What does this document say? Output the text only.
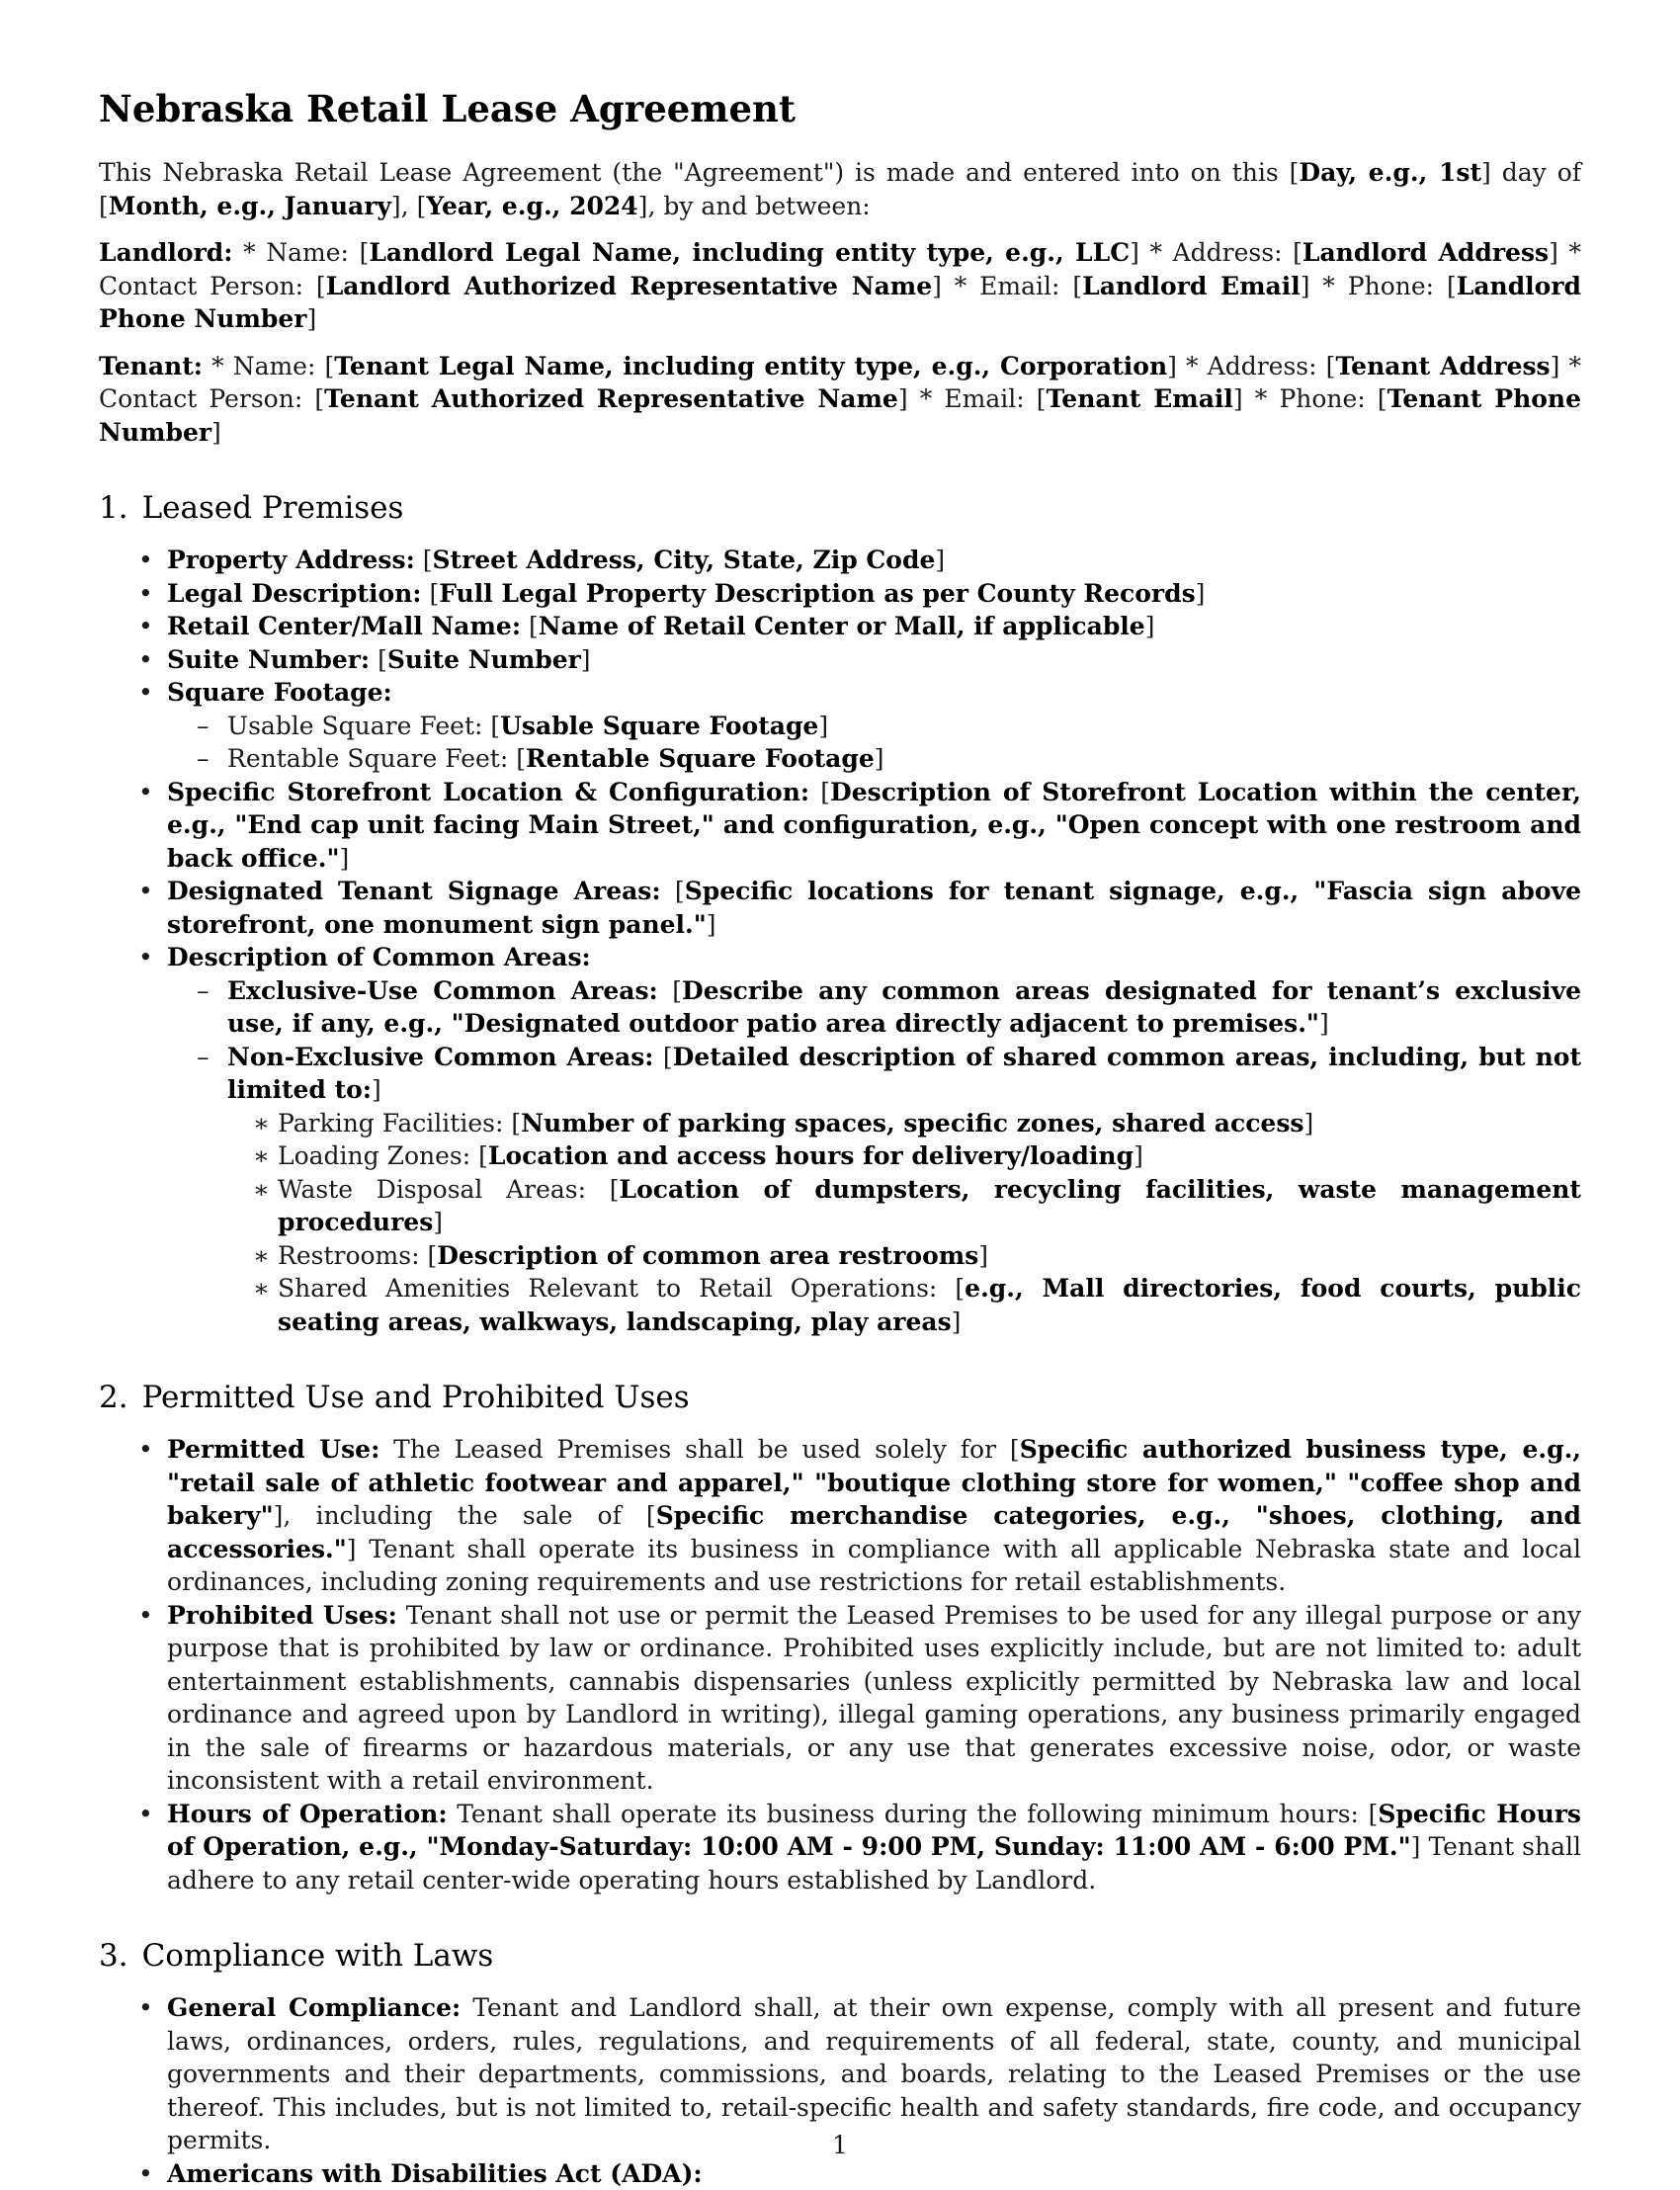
Nebraska Retail Lease Agreement

This Nebraska Retail Lease Agreement (the "Agreement") is made and entered into on this [Day, e.g., 1st] day of [Month, e.g., January], [Year, e.g., 2024], by and between:

Landlord: * Name: [Landlord Legal Name, including entity type, e.g., LLC] * Address: [Landlord Address] * Contact Person: [Landlord Authorized Representative Name] * Email: [Landlord Email] * Phone: [Landlord Phone Number]

Tenant: * Name: [Tenant Legal Name, including entity type, e.g., Corporation] * Address: [Tenant Address] * Contact Person: [Tenant Authorized Representative Name] * Email: [Tenant Email] * Phone: [Tenant Phone Number]

1. Leased Premises
• Property Address: [Street Address, City, State, Zip Code]
• Legal Description: [Full Legal Property Description as per County Records]
• Retail Center/Mall Name: [Name of Retail Center or Mall, if applicable]
• Suite Number: [Suite Number]
• Square Footage:
– Usable Square Feet: [Usable Square Footage]
– Rentable Square Feet: [Rentable Square Footage]
• Specific Storefront Location & Configuration: [Description of Storefront Location within the center, e.g., "End cap unit facing Main Street," and configuration, e.g., "Open concept with one restroom and back office."]
• Designated Tenant Signage Areas: [Specific locations for tenant signage, e.g., "Fascia sign above storefront, one monument sign panel."]
• Description of Common Areas:
– Exclusive-Use Common Areas: [Describe any common areas designated for tenant’s exclusive use, if any, e.g., "Designated outdoor patio area directly adjacent to premises."]
– Non-Exclusive Common Areas: [Detailed description of shared common areas, including, but not limited to:]
∗ Parking Facilities: [Number of parking spaces, specific zones, shared access]
∗ Loading Zones: [Location and access hours for delivery/loading]
∗ Waste Disposal Areas: [Location of dumpsters, recycling facilities, waste management procedures]
∗ Restrooms: [Description of common area restrooms]
∗ Shared Amenities Relevant to Retail Operations: [e.g., Mall directories, food courts, public seating areas, walkways, landscaping, play areas]
2. Permitted Use and Prohibited Uses
• Permitted Use: The Leased Premises shall be used solely for [Specific authorized business type, e.g., "retail sale of athletic footwear and apparel," "boutique clothing store for women," "coffee shop and bakery"], including the sale of [Specific merchandise categories, e.g., "shoes, clothing, and accessories."] Tenant shall operate its business in compliance with all applicable Nebraska state and local ordinances, including zoning requirements and use restrictions for retail establishments.
• Prohibited Uses: Tenant shall not use or permit the Leased Premises to be used for any illegal purpose or any purpose that is prohibited by law or ordinance. Prohibited uses explicitly include, but are not limited to: adult entertainment establishments, cannabis dispensaries (unless explicitly permitted by Nebraska law and local ordinance and agreed upon by Landlord in writing), illegal gaming operations, any business primarily engaged in the sale of firearms or hazardous materials, or any use that generates excessive noise, odor, or waste inconsistent with a retail environment.
• Hours of Operation: Tenant shall operate its business during the following minimum hours: [Specific Hours of Operation, e.g., "Monday-Saturday: 10:00 AM - 9:00 PM, Sunday: 11:00 AM - 6:00 PM."] Tenant shall adhere to any retail center-wide operating hours established by Landlord.
3. Compliance with Laws
• General Compliance: Tenant and Landlord shall, at their own expense, comply with all present and future laws, ordinances, orders, rules, regulations, and requirements of all federal, state, county, and municipal governments and their departments, commissions, and boards, relating to the Leased Premises or the use thereof. This includes, but is not limited to, retail-specific health and safety standards, fire code, and occupancy permits.
• Americans with Disabilities Act (ADA):
1
